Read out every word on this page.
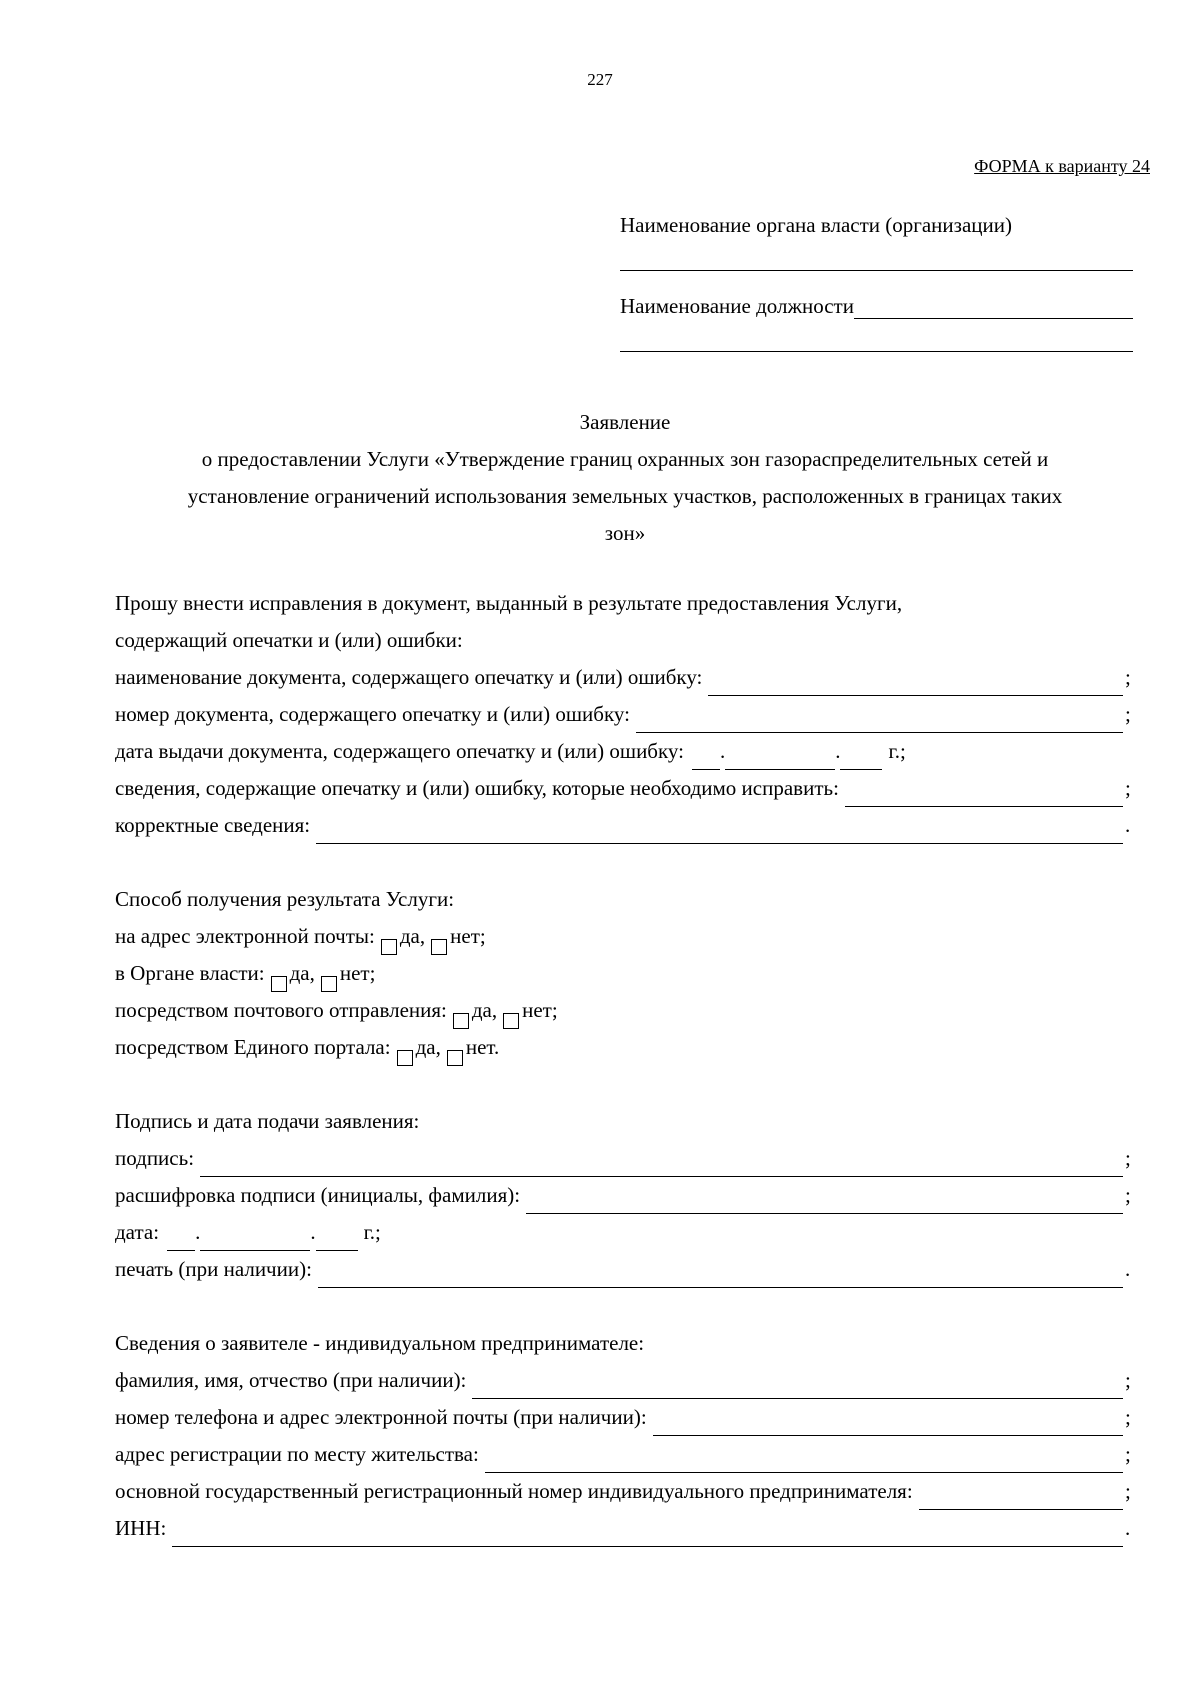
227
ФОРМА к варианту 24
Наименование органа власти (организации)
Наименование должности
Заявление
о предоставлении Услуги «Утверждение границ охранных зон газораспределительных сетей и
установление ограничений использования земельных участков, расположенных в границах таких
зон»
Прошу внести исправления в документ, выданный в результате предоставления Услуги,
содержащий опечатки и (или) ошибки:
наименование документа, содержащего опечатку и (или) ошибку:	;
номер документа, содержащего опечатку и (или) ошибку:	;
дата выдачи документа, содержащего опечатку и (или) ошибку: .	. г.;
сведения, содержащие опечатку и (или) ошибку, которые необходимо исправить:	;
корректные сведения:	.
Способ получения результата Услуги:
на адрес электронной почты: да, нет;
в Органе власти: да, нет;
посредством почтового отправления: да, нет;
посредством Единого портала: да, нет.
Подпись и дата подачи заявления:
подпись:	;
расшифровка подписи (инициалы, фамилия):	;
дата: .	. г.;
печать (при наличии):	.
Сведения о заявителе - индивидуальном предпринимателе:
фамилия, имя, отчество (при наличии):	;
номер телефона и адрес электронной почты (при наличии):	;
адрес регистрации по месту жительства:	;
основной государственный регистрационный номер индивидуального предпринимателя:	;
ИНН:	.
